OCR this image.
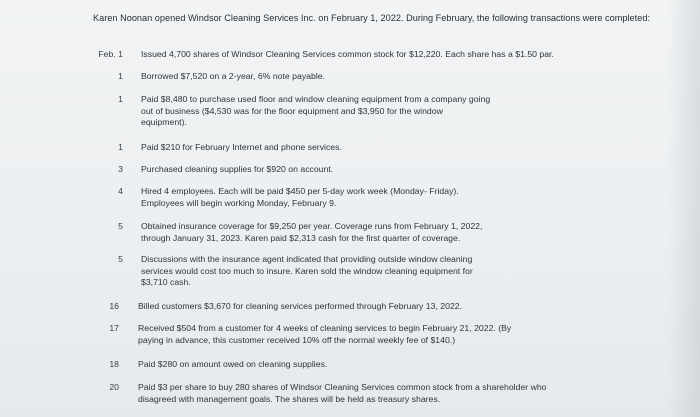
Karen Noonan opened Windsor Cleaning Services Inc. on February 1, 2022. During February, the following transactions were completed:
Feb. 1 Issued 4,700 shares of Windsor Cleaning Services common stock for $12,220. Each share has a $1.50 par.
1 Borrowed $7,520 on a 2-year, 6% note payable.
1 Paid $8,480 to purchase used floor and window cleaning equipment from a company going out of business ($4,530 was for the floor equipment and $3,950 for the window equipment).
1 Paid $210 for February Internet and phone services.
3 Purchased cleaning supplies for $920 on account.
4 Hired 4 employees. Each will be paid $450 per 5-day work week (Monday- Friday). Employees will begin working Monday, February 9.
5 Obtained insurance coverage for $9,250 per year. Coverage runs from February 1, 2022, through January 31, 2023. Karen paid $2,313 cash for the first quarter of coverage.
5 Discussions with the insurance agent indicated that providing outside window cleaning services would cost too much to insure. Karen sold the window cleaning equipment for $3,710 cash.
16 Billed customers $3,670 for cleaning services performed through February 13, 2022.
17 Received $504 from a customer for 4 weeks of cleaning services to begin February 21, 2022. (By paying in advance, this customer received 10% off the normal weekly fee of $140.)
18 Paid $280 on amount owed on cleaning supplies.
20 Paid $3 per share to buy 280 shares of Windsor Cleaning Services common stock from a shareholder who disagreed with management goals. The shares will be held as treasury shares.
